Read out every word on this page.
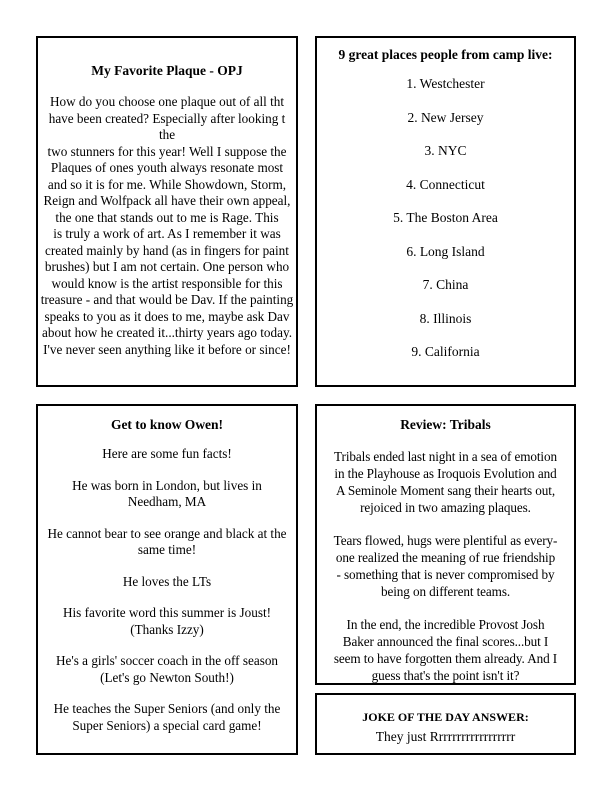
My Favorite Plaque - OPJ

How do you choose one plaque out of all tht
have been created? Especially after looking t the
two stunners for this year! Well I suppose the
Plaques of ones youth always resonate most
and so it is for me. While Showdown, Storm,
Reign and Wolfpack all have their own appeal,
the one that stands out to me is Rage. This
is truly a work of art. As I remember it was
created mainly by hand (as in fingers for paint
brushes) but I am not certain. One person who
would know is the artist responsible for this
treasure - and that would be Dav. If the painting
speaks to you as it does to me, maybe ask Dav
about how he created it...thirty years ago today.
I've never seen anything like it before or since!

9 great places people from camp live:

1. Westchester

2. New Jersey

3. NYC

4. Connecticut

5. The Boston Area

6. Long Island

7. China

8. Illinois

9. California

Get to know Owen!

Here are some fun facts!

He was born in London, but lives in
Needham, MA

He cannot bear to see orange and black at the
same time!

He loves the LTs

His favorite word this summer is Joust!
(Thanks Izzy)

He's a girls' soccer coach in the off season
(Let's go Newton South!)

He teaches the Super Seniors (and only the
Super Seniors) a special card game!

Review: Tribals

Tribals ended last night in a sea of emotion
in the Playhouse as Iroquois Evolution and
A Seminole Moment sang their hearts out,
rejoiced in two amazing plaques.

Tears flowed, hugs were plentiful as every-
one realized the meaning of rue friendship
- something that is never compromised by
being on different teams.

In the end, the incredible Provost Josh
Baker announced the final scores...but I
seem to have forgotten them already. And I
guess that's the point isn't it?

JOKE OF THE DAY ANSWER:

They just Rrrrrrrrrrrrrrrrrr
